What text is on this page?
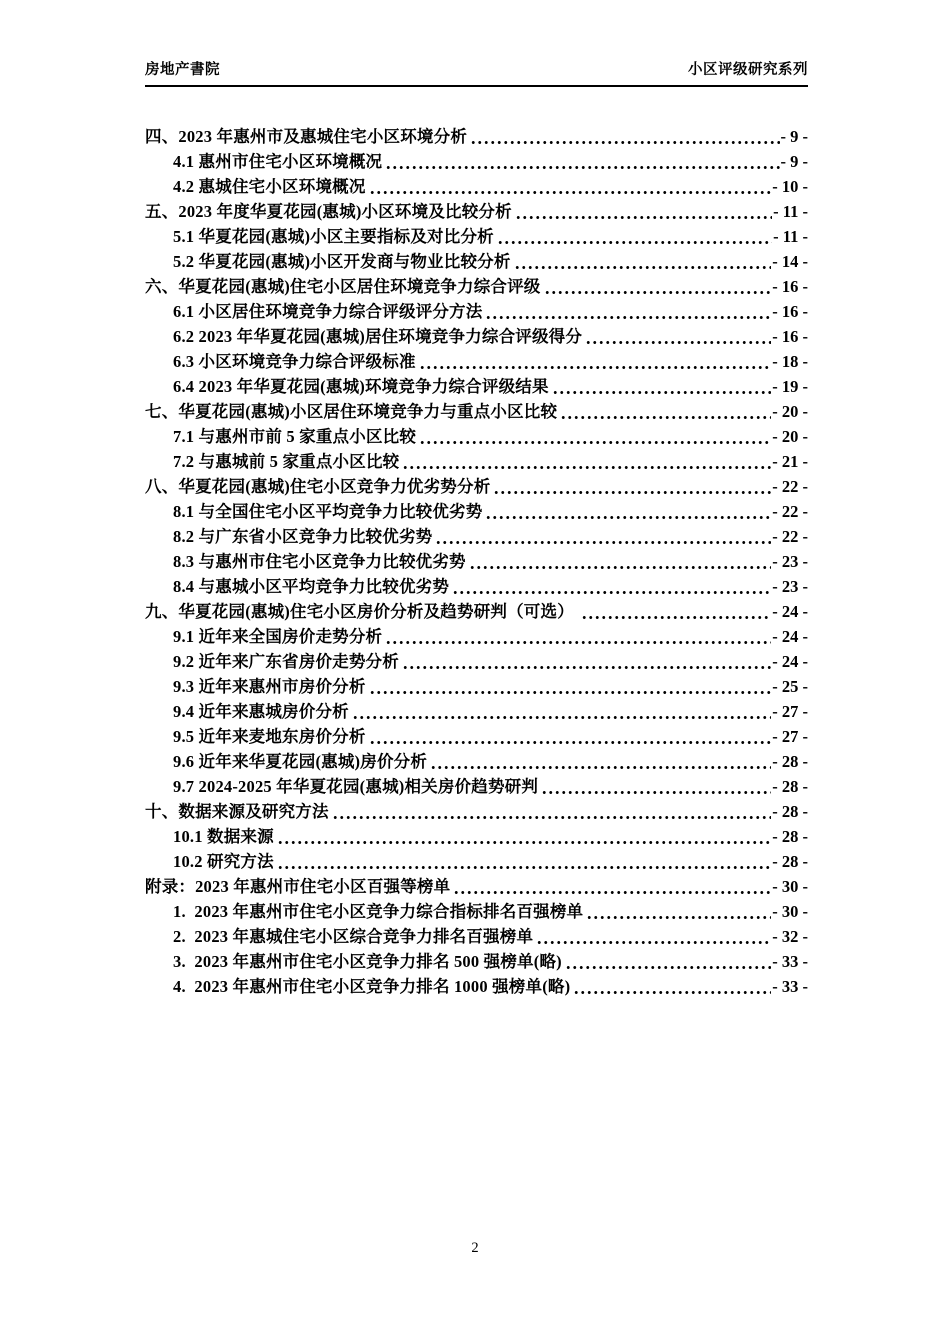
房地产書院	小区评级研究系列
四、2023 年惠州市及惠城住宅小区环境分析	- 9 -
4.1 惠州市住宅小区环境概况	- 9 -
4.2 惠城住宅小区环境概况	- 10 -
五、2023 年度华夏花园(惠城)小区环境及比较分析	- 11 -
5.1 华夏花园(惠城)小区主要指标及对比分析	- 11 -
5.2 华夏花园(惠城)小区开发商与物业比较分析	- 14 -
六、华夏花园(惠城)住宅小区居住环境竞争力综合评级	- 16 -
6.1 小区居住环境竞争力综合评级评分方法	- 16 -
6.2 2023 年华夏花园(惠城)居住环境竞争力综合评级得分	- 16 -
6.3 小区环境竞争力综合评级标准	- 18 -
6.4 2023 年华夏花园(惠城)环境竞争力综合评级结果	- 19 -
七、华夏花园(惠城)小区居住环境竞争力与重点小区比较	- 20 -
7.1 与惠州市前 5 家重点小区比较	- 20 -
7.2 与惠城前 5 家重点小区比较	- 21 -
八、华夏花园(惠城)住宅小区竞争力优劣势分析	- 22 -
8.1 与全国住宅小区平均竞争力比较优劣势	- 22 -
8.2 与广东省小区竞争力比较优劣势	- 22 -
8.3 与惠州市住宅小区竞争力比较优劣势	- 23 -
8.4 与惠城小区平均竞争力比较优劣势	- 23 -
九、华夏花园(惠城)住宅小区房价分析及趋势研判（可选）	- 24 -
9.1 近年来全国房价走势分析	- 24 -
9.2 近年来广东省房价走势分析	- 24 -
9.3 近年来惠州市房价分析	- 25 -
9.4 近年来惠城房价分析	- 27 -
9.5 近年来麦地东房价分析	- 27 -
9.6 近年来华夏花园(惠城)房价分析	- 28 -
9.7 2024-2025 年华夏花园(惠城)相关房价趋势研判	- 28 -
十、数据来源及研究方法	- 28 -
10.1 数据来源	- 28 -
10.2 研究方法	- 28 -
附录：2023 年惠州市住宅小区百强等榜单	- 30 -
1.  2023 年惠州市住宅小区竞争力综合指标排名百强榜单	- 30 -
2.  2023 年惠城住宅小区综合竞争力排名百强榜单	- 32 -
3.  2023 年惠州市住宅小区竞争力排名 500 强榜单(略)	- 33 -
4.  2023 年惠州市住宅小区竞争力排名 1000 强榜单(略)	- 33 -
2
